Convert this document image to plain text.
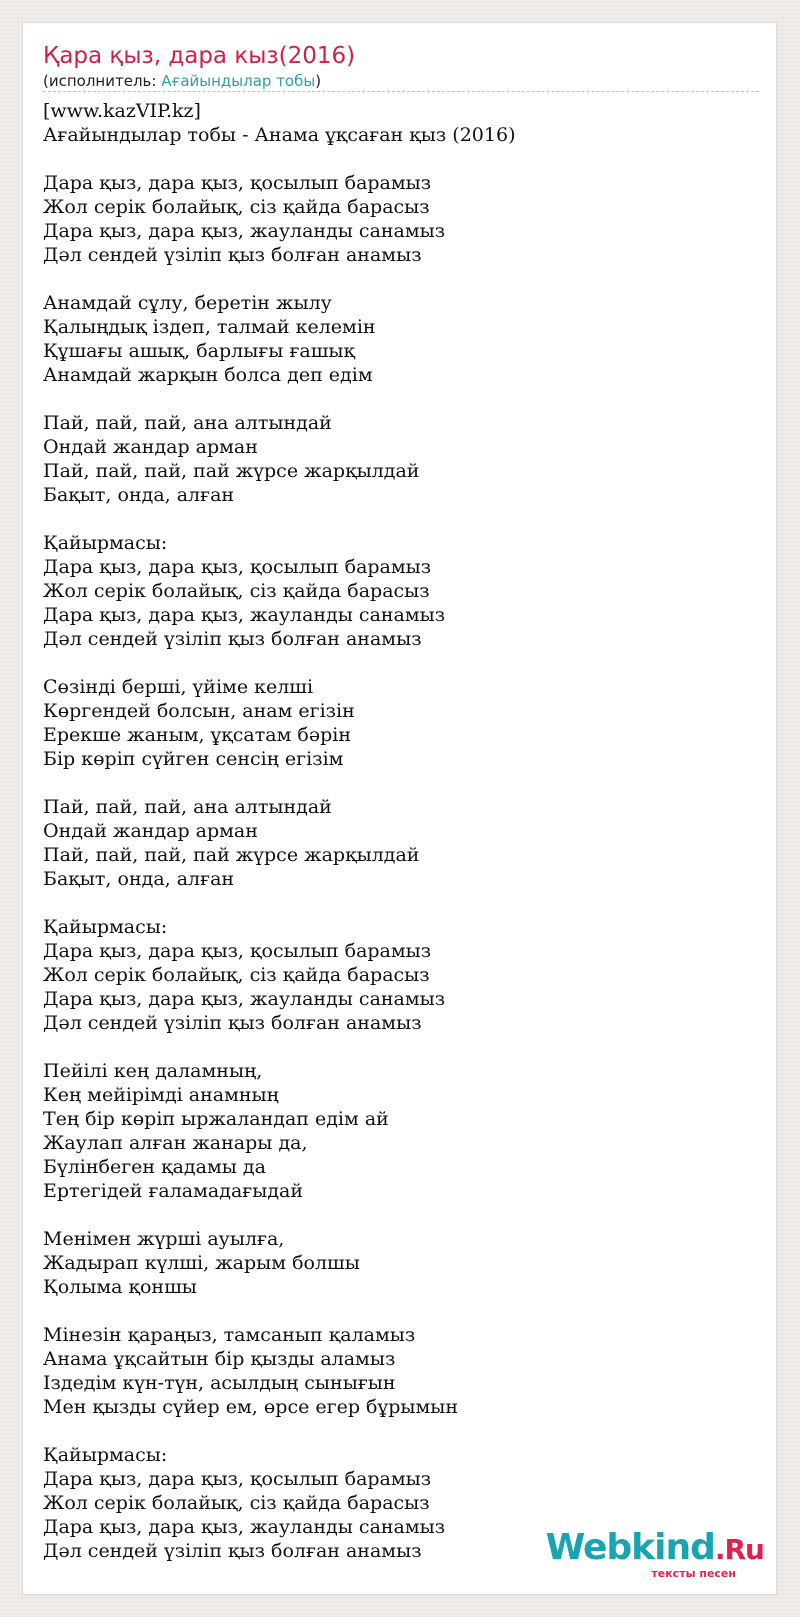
Қара қыз, дара кыз(2016)
(исполнитель: Ағайындылар тобы)
[www.kazVIP.kz]
Ағайындылар тобы - Анама ұқсаған қыз (2016)
Дара қыз, дара қыз, қосылып барамыз
Жол серік болайық, сіз қайда барасыз
Дара қыз, дара қыз, жауланды санамыз
Дәл сендей үзіліп қыз болған анамыз
Анамдай сұлу, беретін жылу
Қалыңдық іздеп, талмай келемін
Құшағы ашық, барлығы ғашық
Анамдай жарқын болса деп едім
Пай, пай, пай, ана алтындай
Ондай жандар арман
Пай, пай, пай, пай жүрсе жарқылдай
Бақыт, онда, алған
Қайырмасы:
Дара қыз, дара қыз, қосылып барамыз
Жол серік болайық, сіз қайда барасыз
Дара қыз, дара қыз, жауланды санамыз
Дәл сендей үзіліп қыз болған анамыз
Сөзінді берші, үйіме келші
Көргендей болсын, анам егізін
Ерекше жаным, ұқсатам бәрін
Бір көріп сүйген сенсің егізім
Пай, пай, пай, ана алтындай
Ондай жандар арман
Пай, пай, пай, пай жүрсе жарқылдай
Бақыт, онда, алған
Қайырмасы:
Дара қыз, дара қыз, қосылып барамыз
Жол серік болайық, сіз қайда барасыз
Дара қыз, дара қыз, жауланды санамыз
Дәл сендей үзіліп қыз болған анамыз
Пейілі кең даламның,
Кең мейірімді анамның
Тең бір көріп ыржаландап едім ай
Жаулап алған жанары да,
Бүлінбеген қадамы да
Ертегідей ғаламадағыдай
Менімен жүрші ауылға,
Жадырап күлші, жарым болшы
Қолыма қоншы
Мінезін қараңыз, тамсанып қаламыз
Анама ұқсайтын бір қызды аламыз
Іздедім күн-түн, асылдың сынығын
Мен қызды сүйер ем, өрсе егер бұрымын
Қайырмасы:
Дара қыз, дара қыз, қосылып барамыз
Жол серік болайық, сіз қайда барасыз
Дара қыз, дара қыз, жауланды санамыз
Дәл сендей үзіліп қыз болған анамыз	Webkind.Ru
тексты песен
